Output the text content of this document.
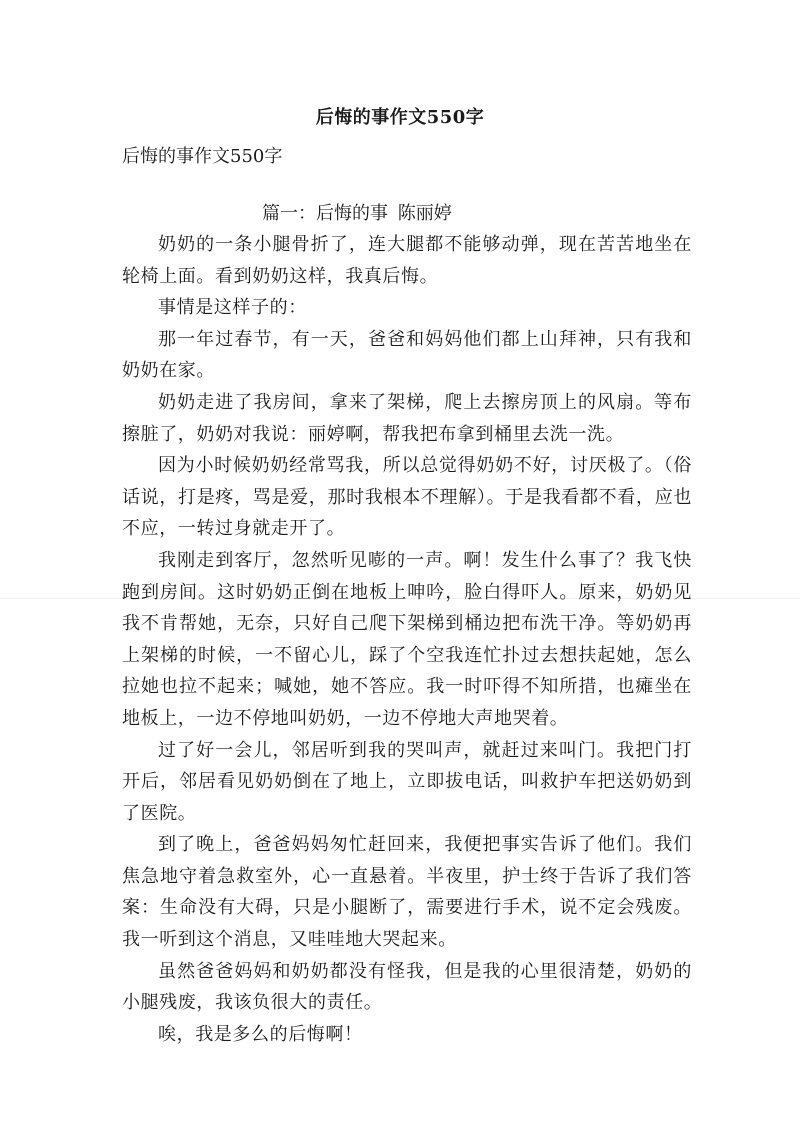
后悔的事作文550字
后悔的事作文550字
篇一：后悔的事 陈丽婷

奶奶的一条小腿骨折了，连大腿都不能够动弹，现在苦苦地坐在轮椅上面。看到奶奶这样，我真后悔。

事情是这样子的：

那一年过春节，有一天，爸爸和妈妈他们都上山拜神，只有我和奶奶在家。

奶奶走进了我房间，拿来了架梯，爬上去擦房顶上的风扇。等布擦脏了，奶奶对我说：丽婷啊，帮我把布拿到桶里去洗一洗。

因为小时候奶奶经常骂我，所以总觉得奶奶不好，讨厌极了。（俗话说，打是疼，骂是爱，那时我根本不理解）。于是我看都不看，应也不应，一转过身就走开了。

我刚走到客厅，忽然听见嘭的一声。啊！发生什么事了？我飞快跑到房间。这时奶奶正倒在地板上呻吟，脸白得吓人。原来，奶奶见我不肯帮她，无奈，只好自己爬下架梯到桶边把布洗干净。等奶奶再上架梯的时候，一不留心儿，踩了个空我连忙扑过去想扶起她，怎么拉她也拉不起来；喊她，她不答应。我一时吓得不知所措，也瘫坐在地板上，一边不停地叫奶奶，一边不停地大声地哭着。

过了好一会儿，邻居听到我的哭叫声，就赶过来叫门。我把门打开后，邻居看见奶奶倒在了地上，立即拔电话，叫救护车把送奶奶到了医院。

到了晚上，爸爸妈妈匆忙赶回来，我便把事实告诉了他们。我们焦急地守着急救室外，心一直悬着。半夜里，护士终于告诉了我们答案：生命没有大碍，只是小腿断了，需要进行手术，说不定会残废。我一听到这个消息，又哇哇地大哭起来。

虽然爸爸妈妈和奶奶都没有怪我，但是我的心里很清楚，奶奶的小腿残废，我该负很大的责任。

唉，我是多么的后悔啊！
